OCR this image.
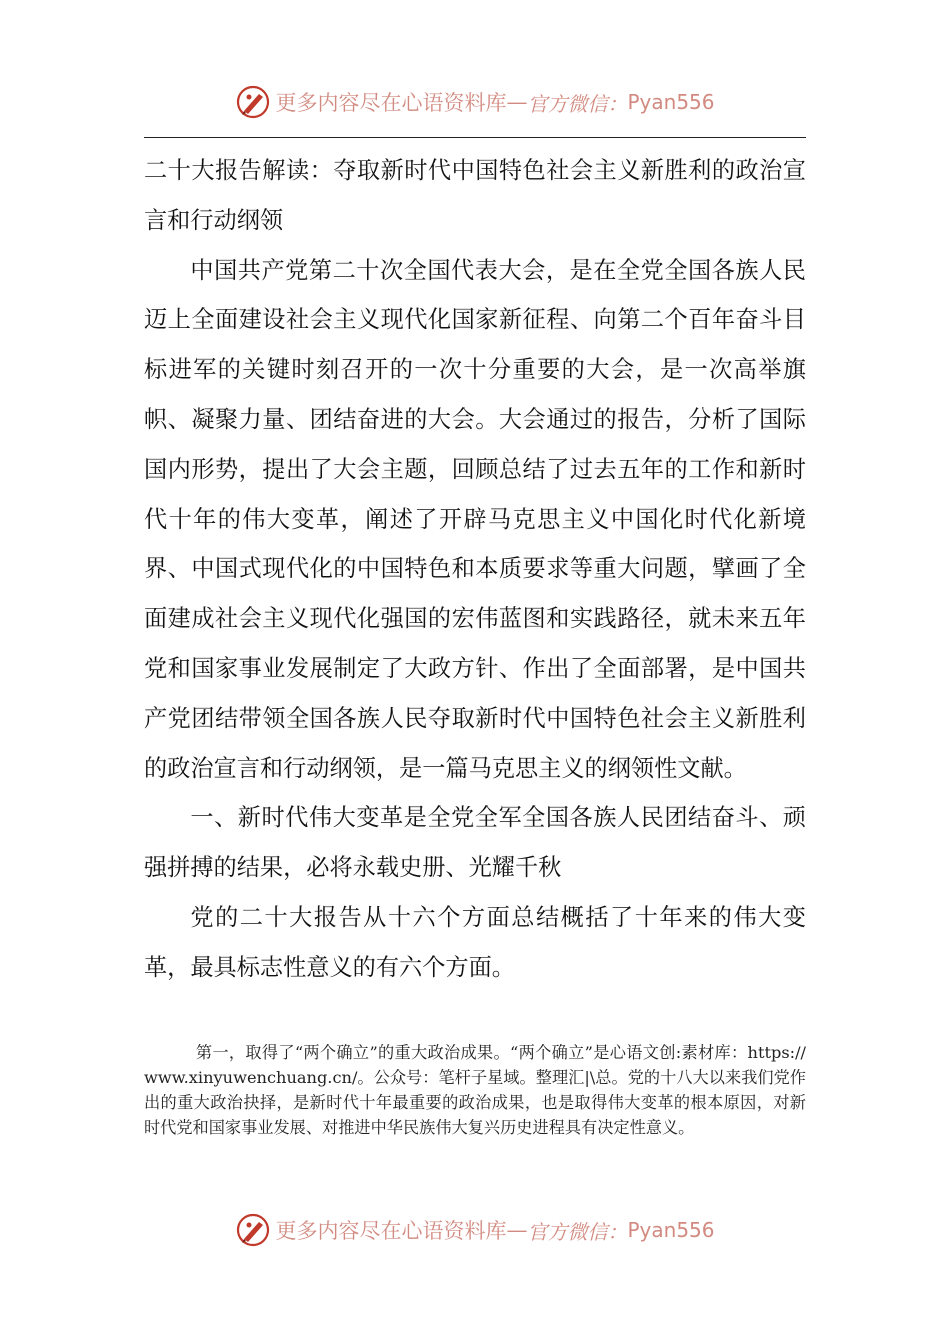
更多内容尽在心语资料库 — 官方微信： Pyan556

二十大报告解读：夺取新时代中国特色社会主义新胜利的政治宣言和行动纲领

中国共产党第二十次全国代表大会，是在全党全国各族人民迈上全面建设社会主义现代化国家新征程、向第二个百年奋斗目标进军的关键时刻召开的一次十分重要的大会，是一次高举旗帜、凝聚力量、团结奋进的大会。大会通过的报告，分析了国际国内形势，提出了大会主题，回顾总结了过去五年的工作和新时代十年的伟大变革，阐述了开辟马克思主义中国化时代化新境界、中国式现代化的中国特色和本质要求等重大问题，擘画了全面建成社会主义现代化强国的宏伟蓝图和实践路径，就未来五年党和国家事业发展制定了大政方针、作出了全面部署，是中国共产党团结带领全国各族人民夺取新时代中国特色社会主义新胜利的政治宣言和行动纲领，是一篇马克思主义的纲领性文献。

一、新时代伟大变革是全党全军全国各族人民团结奋斗、顽强拼搏的结果，必将永载史册、光耀千秋

党的二十大报告从十六个方面总结概括了十年来的伟大变革，最具标志性意义的有六个方面。

第一，取得了“两个确立”的重大政治成果。“两个确立”是心语文创:素材库：https://www.xinyuwenchuang.cn/。公众号：笔杆子星域。整理汇|\总。党的十八大以来我们党作出的重大政治抉择，是新时代十年最重要的政治成果，也是取得伟大变革的根本原因，对新时代党和国家事业发展、对推进中华民族伟大复兴历史进程具有决定性意义。

更多内容尽在心语资料库 — 官方微信： Pyan556
